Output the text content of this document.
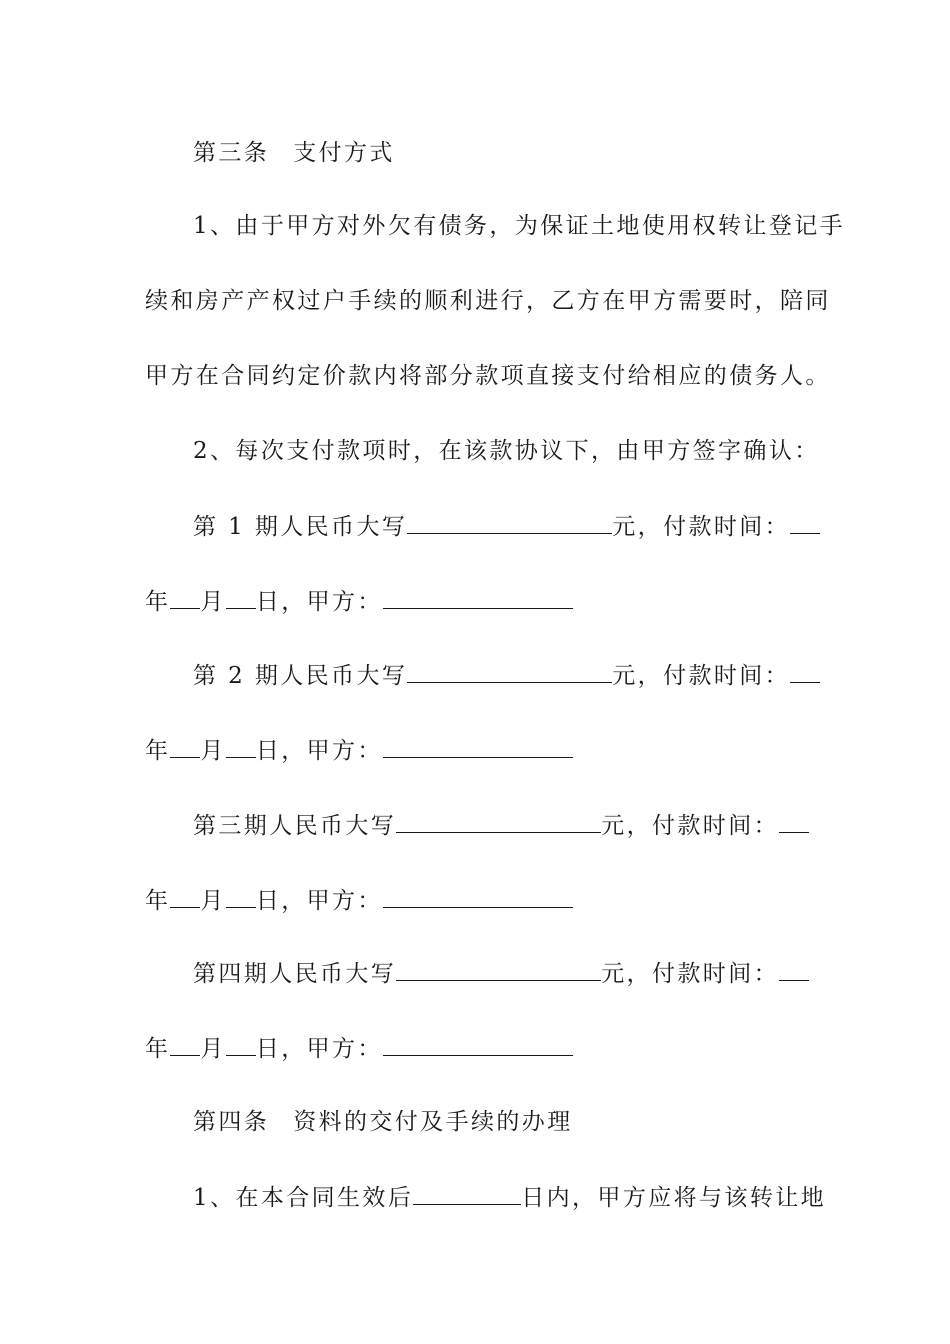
第三条 支付方式
1、由于甲方对外欠有债务，为保证土地使用权转让登记手
续和房产产权过户手续的顺利进行，乙方在甲方需要时，陪同
甲方在合同约定价款内将部分款项直接支付给相应的债务人。
2、每次支付款项时，在该款协议下，由甲方签字确认：
第 1 期人民币大写	元，付款时间：
年 月 日，甲方：
第 2 期人民币大写	元，付款时间：
年 月 日，甲方：
第三期人民币大写	元，付款时间：
年 月 日，甲方：
第四期人民币大写	元，付款时间：
年 月 日，甲方：
第四条 资料的交付及手续的办理
1、在本合同生效后	日内，甲方应将与该转让地
